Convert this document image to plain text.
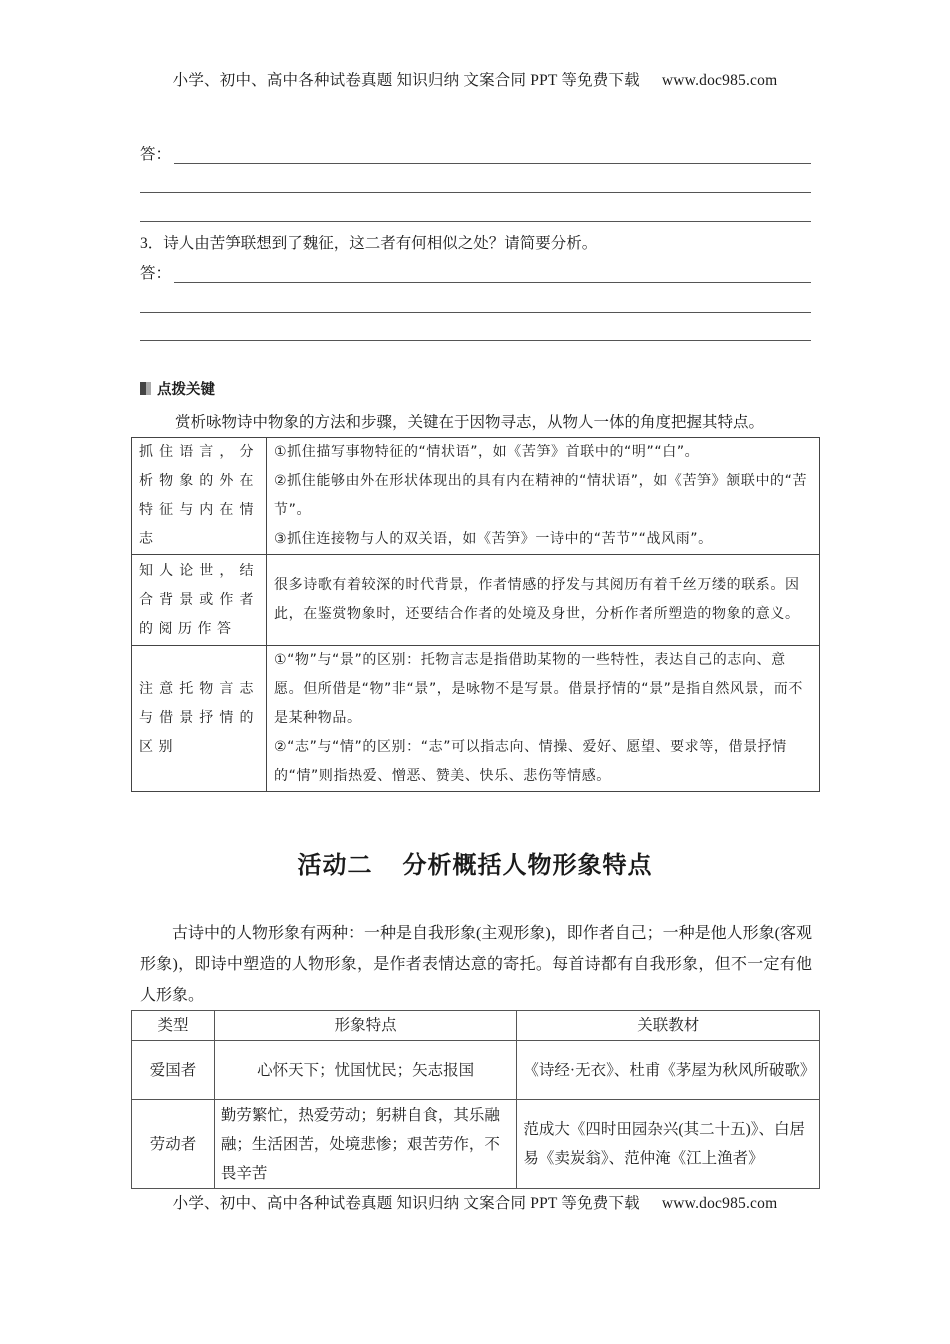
小学、初中、高中各种试卷真题 知识归纳 文案合同 PPT 等免费下载 www.doc985.com
答：
3．诗人由苦笋联想到了魏征，这二者有何相似之处？请简要分析。
答：
点拨关键
赏析咏物诗中物象的方法和步骤，关键在于因物寻志，从物人一体的角度把握其特点。
抓住语言，分析物象的外在特征与内在情志	①抓住描写事物特征的“情状语”，如《苦笋》首联中的“明”“白”。
②抓住能够由外在形状体现出的具有内在精神的“情状语”，如《苦笋》颔联中的“苦节”。
③抓住连接物与人的双关语，如《苦笋》一诗中的“苦节”“战风雨”。

知人论世，结合背景或作者的阅历作答	很多诗歌有着较深的时代背景，作者情感的抒发与其阅历有着千丝万缕的联系。因此，在鉴赏物象时，还要结合作者的处境及身世，分析作者所塑造的物象的意义。

注意托物言志与借景抒情的区别	①“物”与“景”的区别：托物言志是指借助某物的一些特性，表达自己的志向、意愿。但所借是“物”非“景”，是咏物不是写景。借景抒情的“景”是指自然风景，而不是某种物品。
②“志”与“情”的区别：“志”可以指志向、情操、爱好、愿望、要求等，借景抒情的“情”则指热爱、憎恶、赞美、快乐、悲伤等情感。
活动二 分析概括人物形象特点
古诗中的人物形象有两种：一种是自我形象(主观形象)，即作者自己；一种是他人形象(客观形象)，即诗中塑造的人物形象，是作者表情达意的寄托。每首诗都有自我形象，但不一定有他人形象。
类型	形象特点	关联教材
爱国者	心怀天下；忧国忧民；矢志报国	《诗经·无衣》、杜甫《茅屋为秋风所破歌》
劳动者	勤劳繁忙，热爱劳动；躬耕自食，其乐融融；生活困苦，处境悲惨；艰苦劳作，不畏辛苦	范成大《四时田园杂兴(其二十五)》、白居易《卖炭翁》、范仲淹《江上渔者》
小学、初中、高中各种试卷真题 知识归纳 文案合同 PPT 等免费下载 www.doc985.com
